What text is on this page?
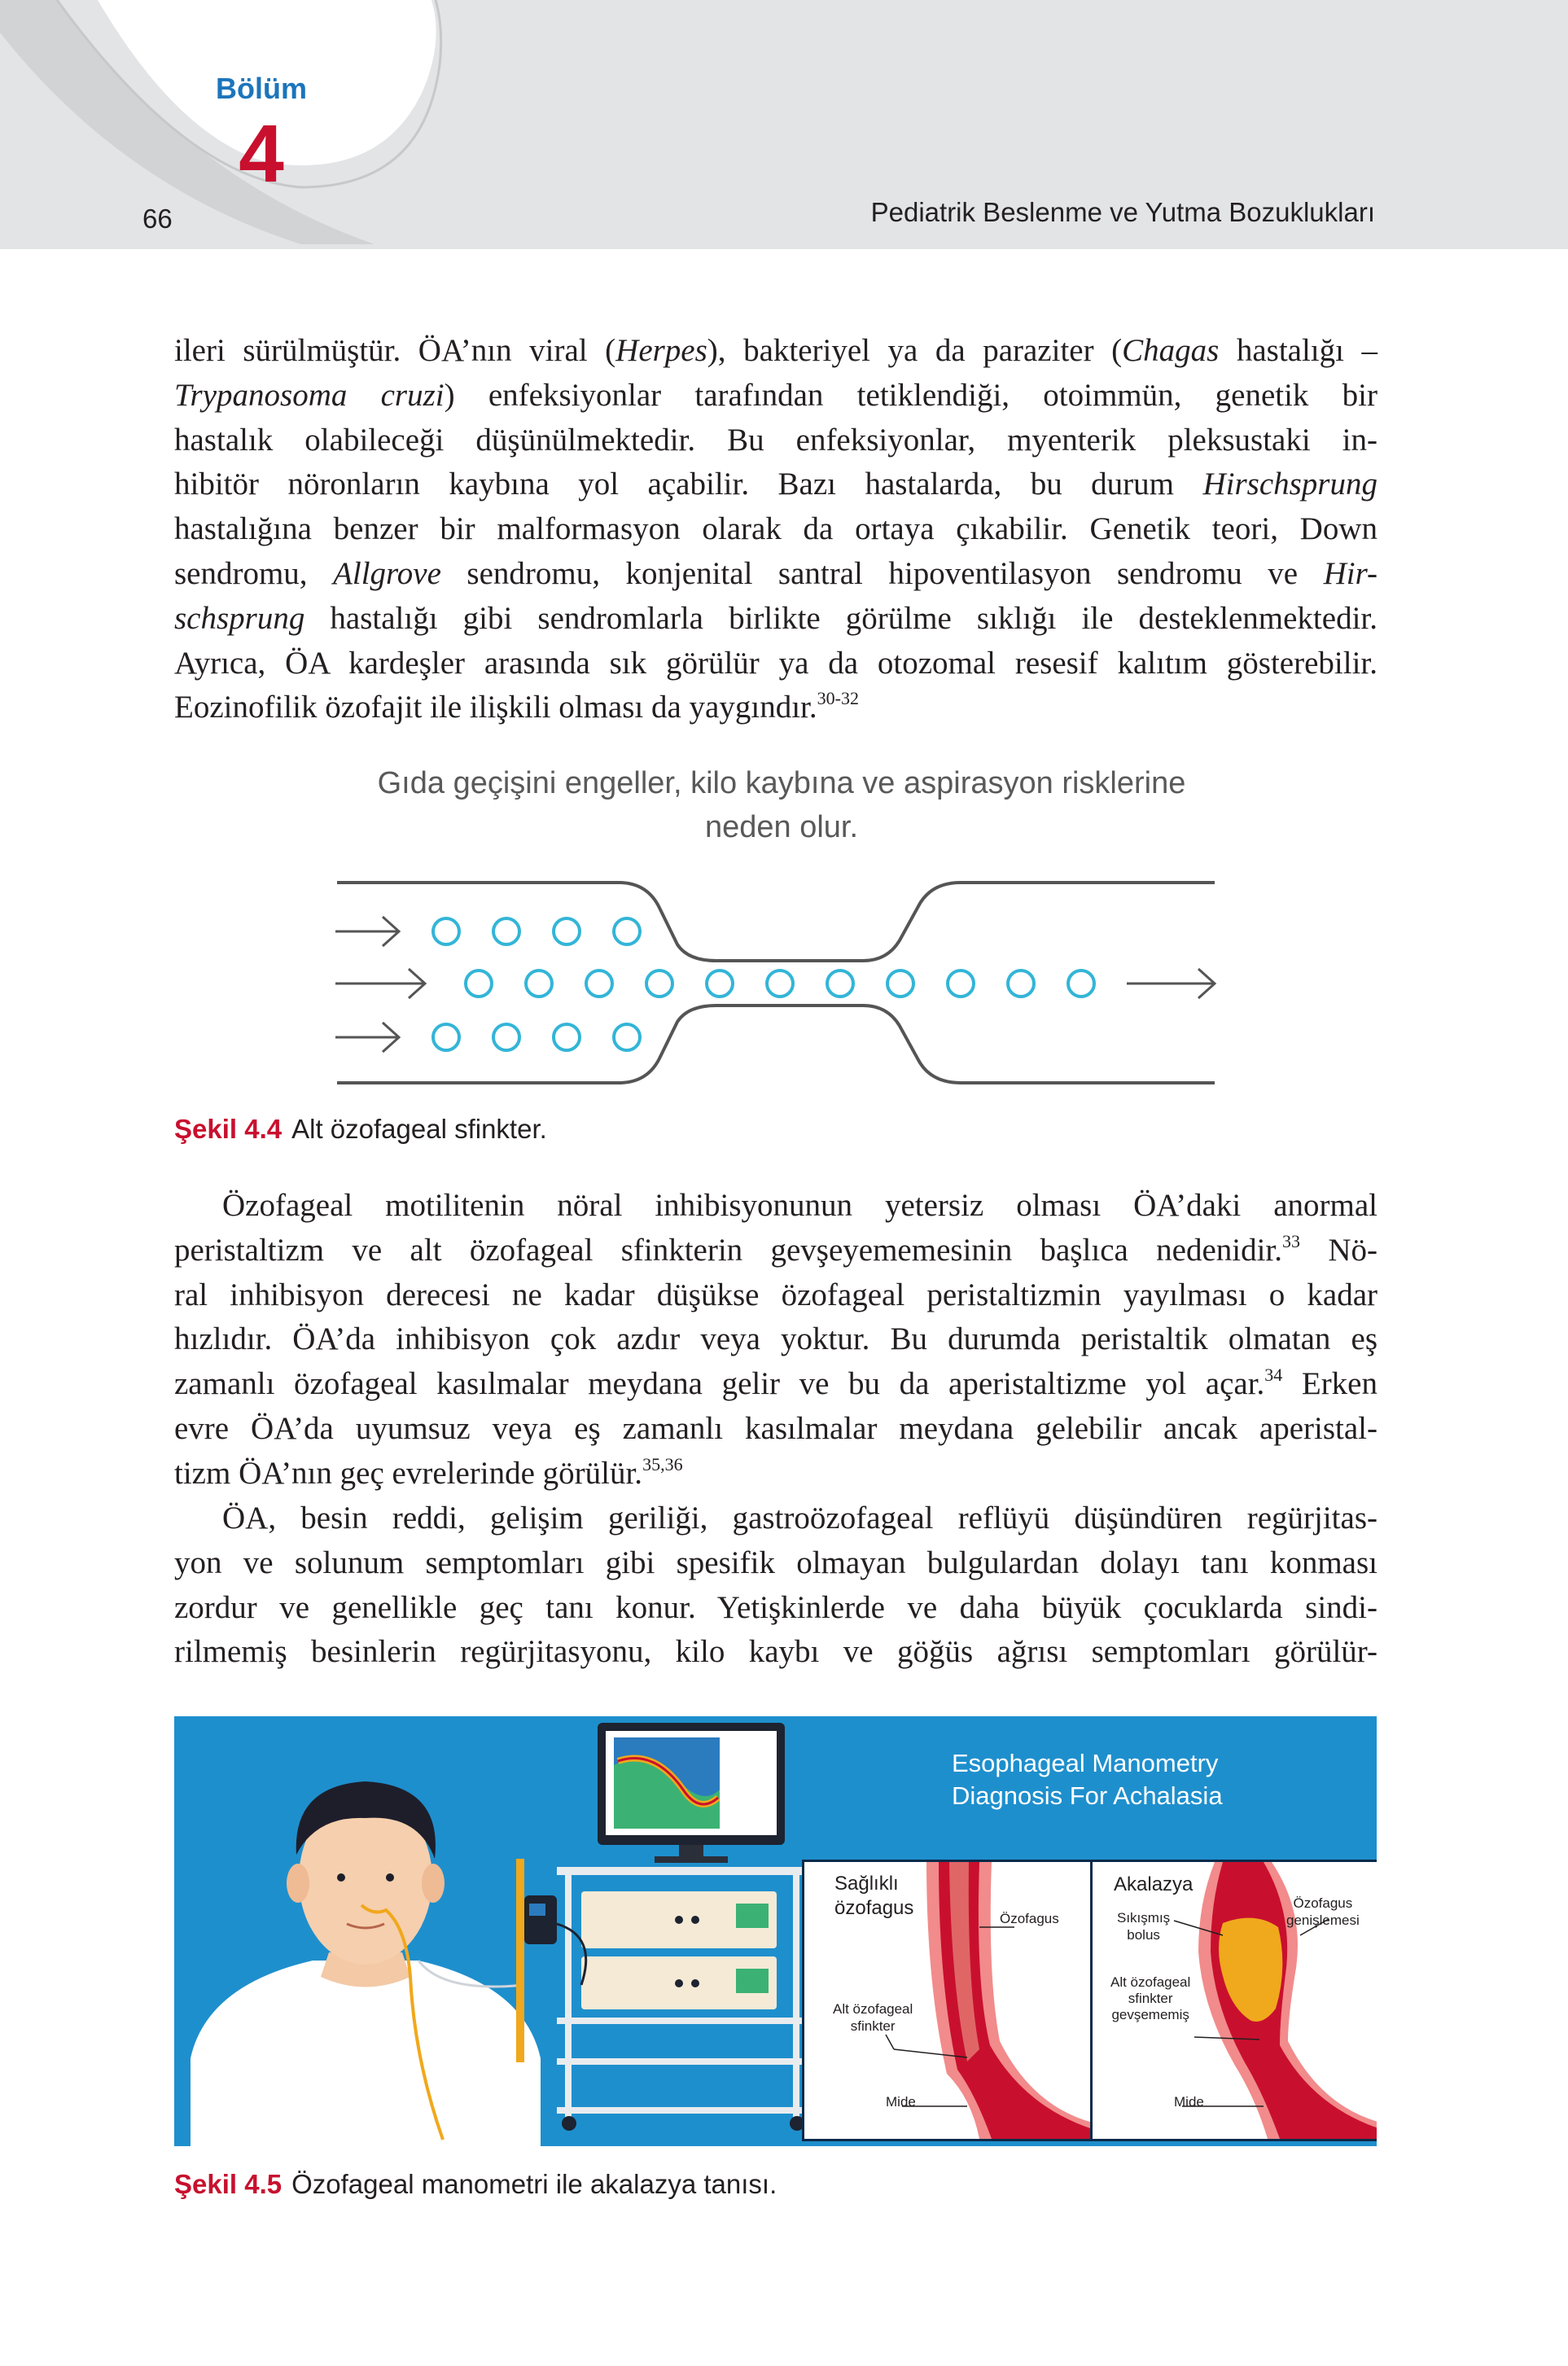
Bölüm
4
66	Pediatrik Beslenme ve Yutma Bozuklukları
ileri sürülmüştür. ÖA’nın viral (Herpes), bakteriyel ya da paraziter (Chagas hastalığı –
Trypanosoma cruzi) enfeksiyonlar tarafından tetiklendiği, otoimmün, genetik bir
hastalık olabileceği düşünülmektedir. Bu enfeksiyonlar, myenterik pleksustaki in-
hibitör nöronların kaybına yol açabilir. Bazı hastalarda, bu durum Hirschsprung
hastalığına benzer bir malformasyon olarak da ortaya çıkabilir. Genetik teori, Down
sendromu, Allgrove sendromu, konjenital santral hipoventilasyon sendromu ve Hir-
schsprung hastalığı gibi sendromlarla birlikte görülme sıklığı ile desteklenmektedir.
Ayrıca, ÖA kardeşler arasında sık görülür ya da otozomal resesif kalıtım gösterebilir.
Eozinofilik özofajit ile ilişkili olması da yaygındır.$^{30-32}$
Gıda geçişini engeller, kilo kaybına ve aspirasyon risklerine
neden olur.
Şekil 4.4 Alt özofageal sfinkter.
Özofageal motilitenin nöral inhibisyonunun yetersiz olması ÖA’daki anormal
peristaltizm ve alt özofageal sfinkterin gevşeyememesinin başlıca nedenidir.$^{33}$ Nö-
ral inhibisyon derecesi ne kadar düşükse özofageal peristaltizmin yayılması o kadar
hızlıdır. ÖA’da inhibisyon çok azdır veya yoktur. Bu durumda peristaltik olmatan eş
zamanlı özofageal kasılmalar meydana gelir ve bu da aperistaltizme yol açar.$^{34}$ Erken
evre ÖA’da uyumsuz veya eş zamanlı kasılmalar meydana gelebilir ancak aperistal-
tizm ÖA’nın geç evrelerinde görülür.$^{35,36}$
ÖA, besin reddi, gelişim geriliği, gastroözofageal reflüyü düşündüren regürjitas-
yon ve solunum semptomları gibi spesifik olmayan bulgulardan dolayı tanı konması
zordur ve genellikle geç tanı konur. Yetişkinlerde ve daha büyük çocuklarda sindi-
rilmemiş besinlerin regürjitasyonu, kilo kaybı ve göğüs ağrısı semptomları görülür-
Esophageal Manometry
Diagnosis For Achalasia
Sağlıklı
özofagus	Özofagus
Alt özofageal
sfinkter
Mide
Akalazya
Sıkışmış
bolus
Özofagus
genişlemesi
Alt özofageal
sfinkter
gevşememiş
Mide
Şekil 4.5 Özofageal manometri ile akalazya tanısı.
